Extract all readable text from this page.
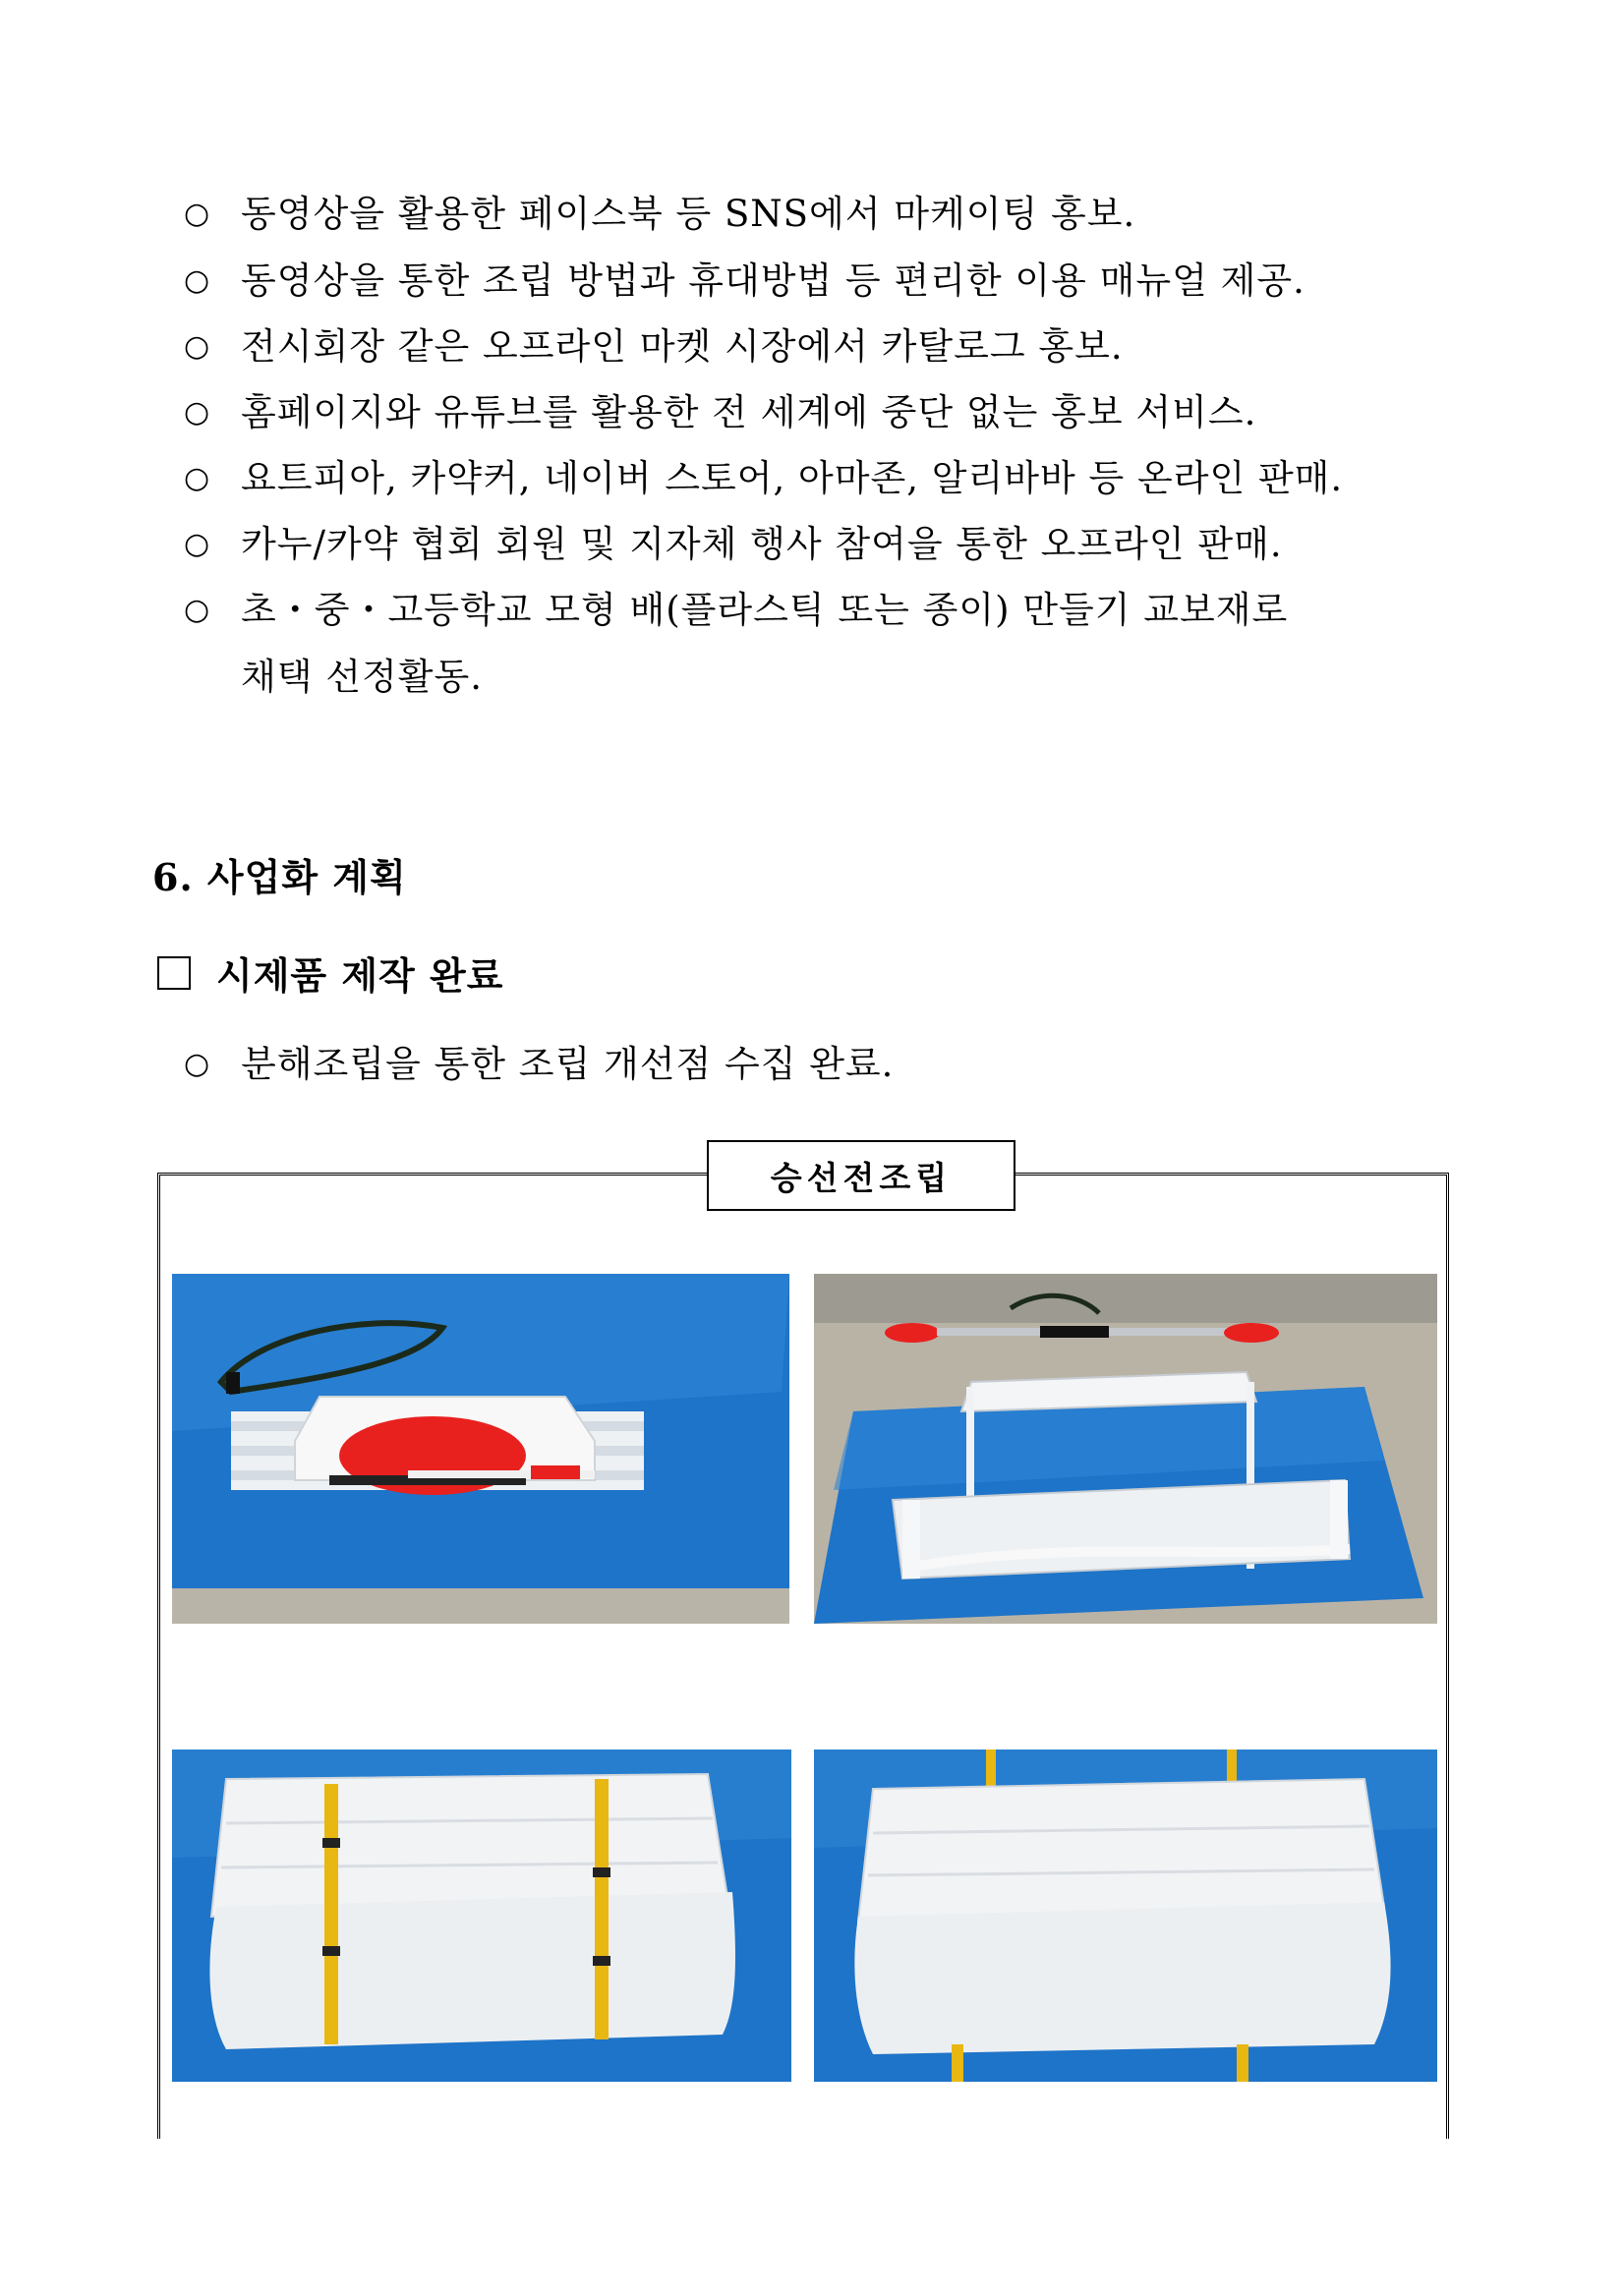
○ 동영상을 활용한 페이스북 등 SNS에서 마케이팅 홍보.
○ 동영상을 통한 조립 방법과 휴대방법 등 편리한 이용 매뉴얼 제공.
○ 전시회장 같은 오프라인 마켓 시장에서 카탈로그 홍보.
○ 홈페이지와 유튜브를 활용한 전 세계에 중단 없는 홍보 서비스.
○ 요트피아, 카약커, 네이버 스토어, 아마존, 알리바바 등 온라인 판매.
○ 카누/카약 협회 회원 및 지자체 행사 참여을 통한 오프라인 판매.
○ 초・중・고등학교 모형 배(플라스틱 또는 종이) 만들기 교보재로
채택 선정활동.
6. 사업화 계획
시제품 제작 완료
○ 분해조립을 통한 조립 개선점 수집 완료.
승선전조립
